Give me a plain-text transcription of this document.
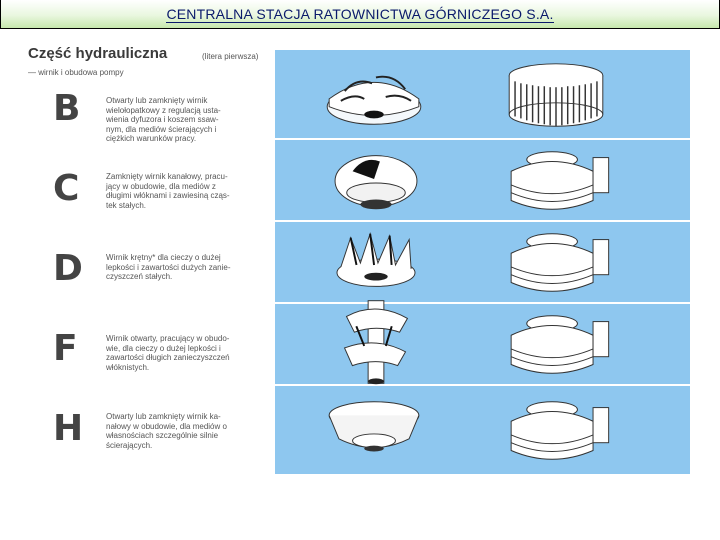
CENTRALNA STACJA RATOWNICTWA GÓRNICZEGO S.A.
Część hydrauliczna	(litera pierwsza)
— wirnik i obudowa pompy
B	Otwarty lub zamknięty wirnik
wielołopatkowy z regulacją usta-
wienia dyfuzora i koszem ssaw-
nym, dla mediów ścierających i
ciężkich warunków pracy.
C	Zamknięty wirnik kanałowy, pracu-
jący w obudowie, dla mediów z
długimi włóknami i zawiesiną cząs-
tek stałych.
D	Wirnik krętny* dla cieczy o dużej
lepkości i zawartości dużych zanie-
czyszczeń stałych.
F	Wirnik otwarty, pracujący w obudo-
wie, dla cieczy o dużej lepkości i
zawartości długich zanieczyszczeń
włóknistych.
H	Otwarty lub zamknięty wirnik ka-
nałowy w obudowie, dla mediów o
własnościach szczególnie silnie
ścierających.
